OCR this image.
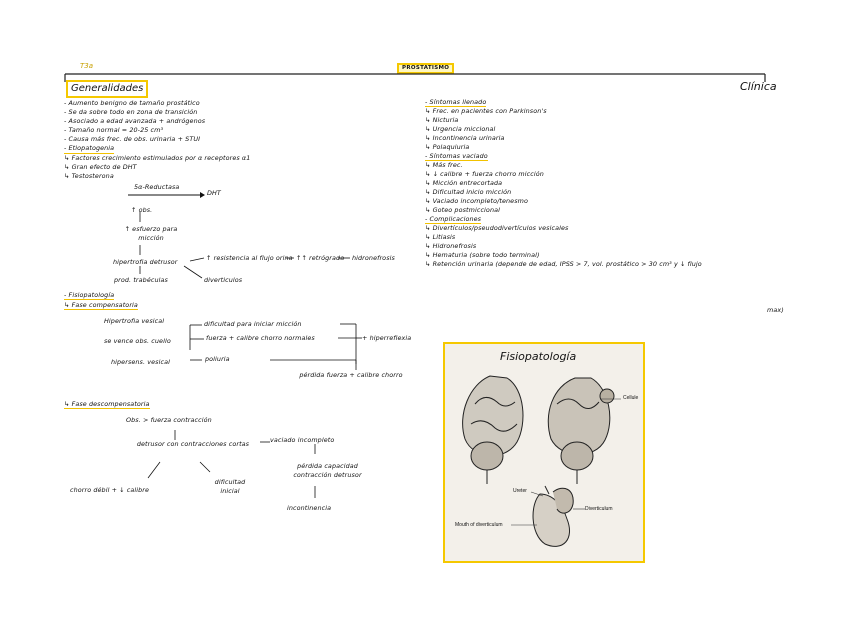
T3a	PROSTATISMO
Clínica
Generalidades
- Aumento benigno de tamaño prostático
- Se da sobre todo en zona de transición
- Asociado a edad avanzada + andrógenos
- Tamaño normal = 20-25 cm³
- Causa más frec. de obs. urinaria + STUI
- Etiopatogenia
↳ Factores crecimiento estimulados por α receptores α1
↳ Gran efecto de DHT
↳ Testosterona
5α-Reductasa
DHT
↑ obs.
↑ esfuerzo para micción
hipertrofia detrusor	↑ resistencia al flujo orina ↑↑ retrógrada hidronefrosis
prod. trabéculas	diverticulos
- Fisiopatología
↳ Fase compensatoria
Hipertrofia vesical
se vence obs. cuello
hipersens. vesical
dificultad para iniciar micción
fuerza + calibre chorro normales
poliuria
+ hiperreflexia
pérdida fuerza + calibre chorro
↳ Fase descompensatoria
Obs. > fuerza contracción
detrusor con contracciones cortas	vaciado incompleto
chorro débil + ↓ calibre
dificultad inicial
pérdida capacidad contracción detrusor
incontinencia
- Síntomas llenado
↳ Frec. en pacientes con Parkinson's
↳ Nicturia
↳ Urgencia miccional
↳ Incontinencia urinaria
↳ Polaquiuria
- Síntomas vaciado
↳ Más frec.
↳ ↓ calibre + fuerza chorro micción
↳ Micción entrecortada
↳ Dificultad inicio micción
↳ Vaciado incompleto/tenesmo
↳ Goteo postmiccional
- Complicaciones
↳ Divertículos/pseudodivertículos vesicales
↳ Litiasis
↳ Hidronefrosis
↳ Hematuria (sobre todo terminal)
↳ Retención urinaria (depende de edad, IPSS > 7, vol. prostático > 30 cm³ y ↓ flujo
max)
Fisiopatología
Cellule
Ureter
Diverticulum
Mouth of diverticulum
